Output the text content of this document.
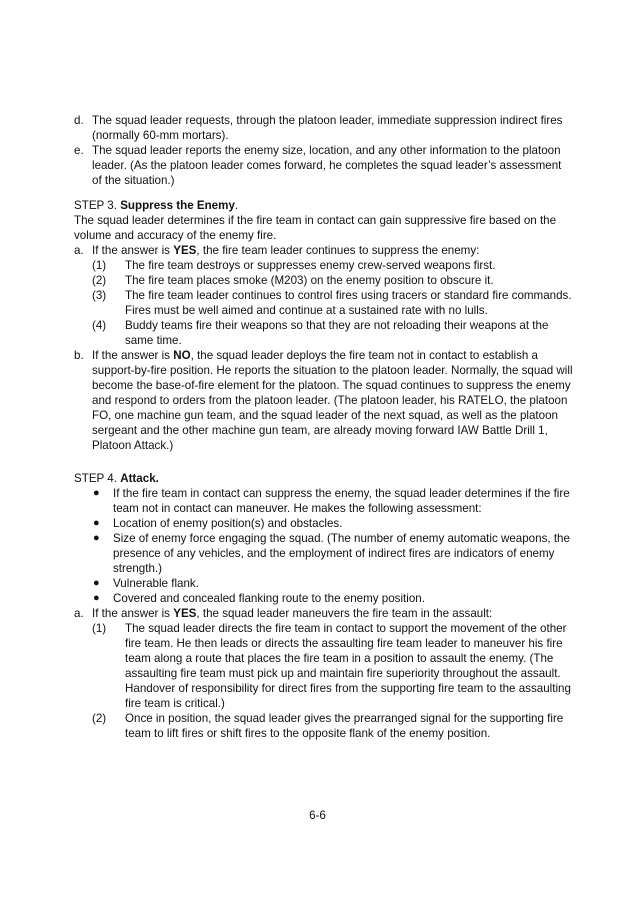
d. The squad leader requests, through the platoon leader, immediate suppression indirect fires (normally 60-mm mortars).
e. The squad leader reports the enemy size, location, and any other information to the platoon leader. (As the platoon leader comes forward, he completes the squad leader’s assessment of the situation.)
STEP 3. Suppress the Enemy.
The squad leader determines if the fire team in contact can gain suppressive fire based on the volume and accuracy of the enemy fire.
a. If the answer is YES, the fire team leader continues to suppress the enemy:
(1) The fire team destroys or suppresses enemy crew-served weapons first.
(2) The fire team places smoke (M203) on the enemy position to obscure it.
(3) The fire team leader continues to control fires using tracers or standard fire commands. Fires must be well aimed and continue at a sustained rate with no lulls.
(4) Buddy teams fire their weapons so that they are not reloading their weapons at the same time.
b. If the answer is NO, the squad leader deploys the fire team not in contact to establish a support-by-fire position. He reports the situation to the platoon leader. Normally, the squad will become the base-of-fire element for the platoon. The squad continues to suppress the enemy and respond to orders from the platoon leader. (The platoon leader, his RATELO, the platoon FO, one machine gun team, and the squad leader of the next squad, as well as the platoon sergeant and the other machine gun team, are already moving forward IAW Battle Drill 1, Platoon Attack.)
STEP 4. Attack.
● If the fire team in contact can suppress the enemy, the squad leader determines if the fire team not in contact can maneuver. He makes the following assessment:
● Location of enemy position(s) and obstacles.
● Size of enemy force engaging the squad. (The number of enemy automatic weapons, the presence of any vehicles, and the employment of indirect fires are indicators of enemy strength.)
● Vulnerable flank.
● Covered and concealed flanking route to the enemy position.
a. If the answer is YES, the squad leader maneuvers the fire team in the assault:
(1) The squad leader directs the fire team in contact to support the movement of the other fire team. He then leads or directs the assaulting fire team leader to maneuver his fire team along a route that places the fire team in a position to assault the enemy. (The assaulting fire team must pick up and maintain fire superiority throughout the assault. Handover of responsibility for direct fires from the supporting fire team to the assaulting fire team is critical.)
(2) Once in position, the squad leader gives the prearranged signal for the supporting fire team to lift fires or shift fires to the opposite flank of the enemy position.
6-6
